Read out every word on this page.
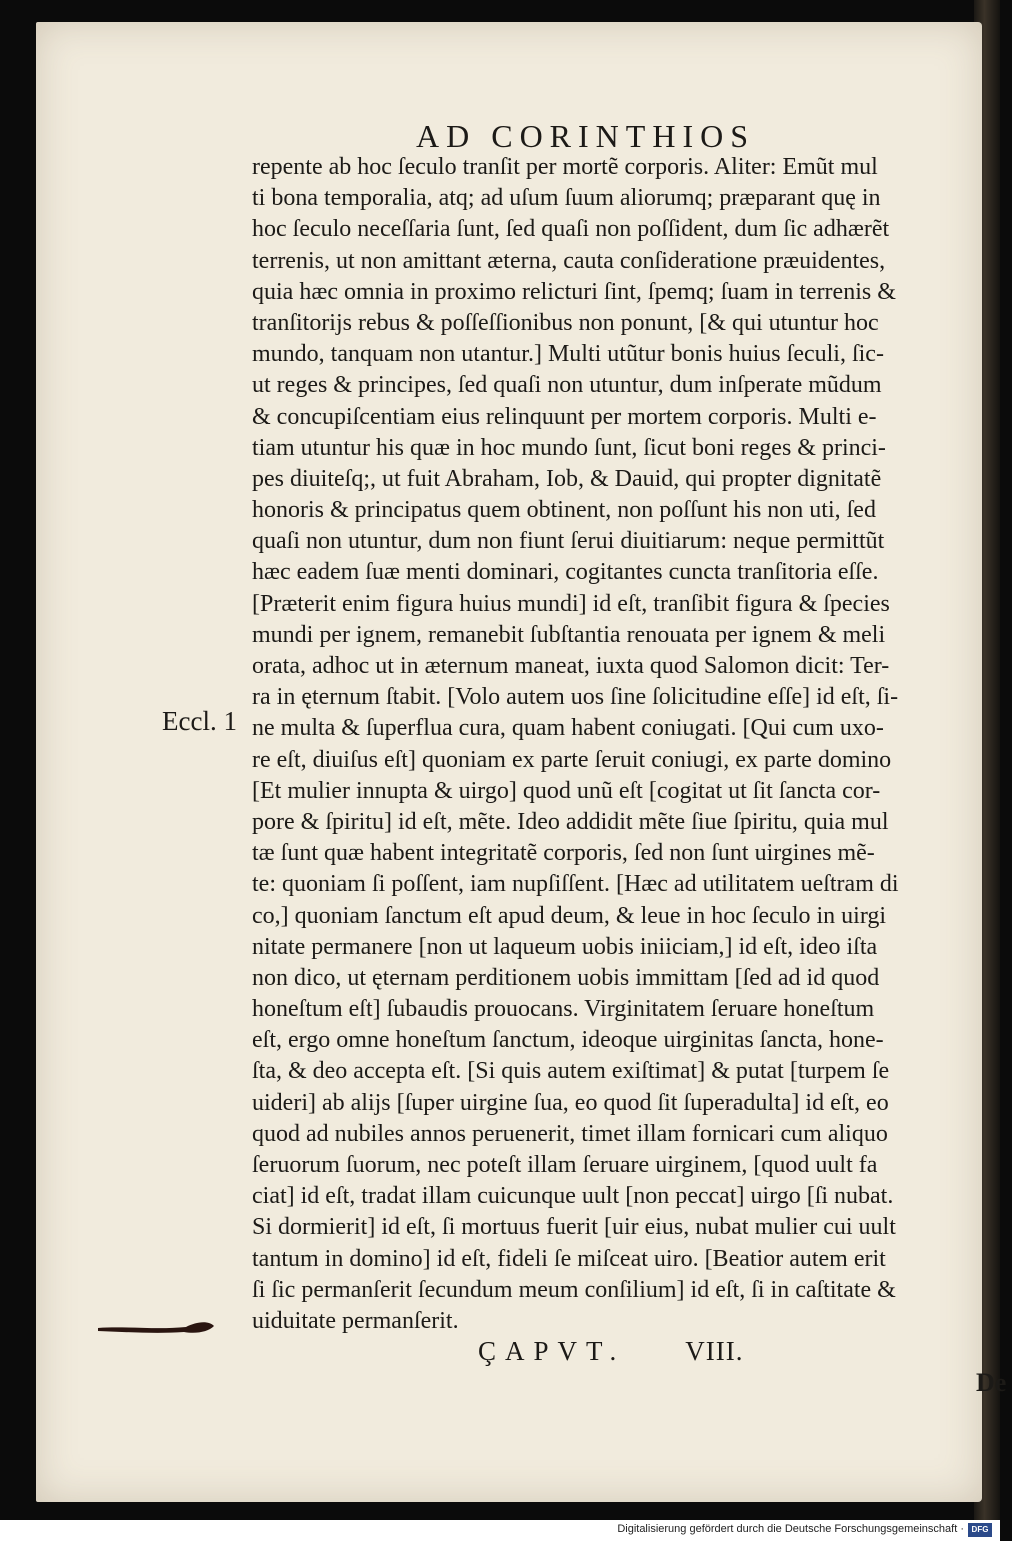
AD CORINTHIOS
Eccl. 1
repente ab hoc ſeculo tranſit per mortẽ corporis. Aliter: Emũt mul
ti bona temporalia, atq; ad uſum ſuum aliorumq; præparant quę in
hoc ſeculo neceſſaria ſunt, ſed quaſi non poſſident, dum ſic adhærẽt
terrenis, ut non amittant æterna, cauta conſideratione præuidentes,
quia hæc omnia in proximo relicturi ſint, ſpemq; ſuam in terrenis &
tranſitorijs rebus & poſſeſſionibus non ponunt, [& qui utuntur hoc
mundo, tanquam non utantur.] Multi utũtur bonis huius ſeculi, ſic-
ut reges & principes, ſed quaſi non utuntur, dum inſperate mũdum
& concupiſcentiam eius relinquunt per mortem corporis. Multi e-
tiam utuntur his quæ in hoc mundo ſunt, ſicut boni reges & princi-
pes diuiteſq;, ut fuit Abraham, Iob, & Dauid, qui propter dignitatẽ
honoris & principatus quem obtinent, non poſſunt his non uti, ſed
quaſi non utuntur, dum non fiunt ſerui diuitiarum: neque permittũt
hæc eadem ſuæ menti dominari, cogitantes cuncta tranſitoria eſſe.
[Præterit enim figura huius mundi] id eſt, tranſibit figura & ſpecies
mundi per ignem, remanebit ſubſtantia renouata per ignem & meli
orata, adhoc ut in æternum maneat, iuxta quod Salomon dicit: Ter-
ra in ęternum ſtabit. [Volo autem uos ſine ſolicitudine eſſe] id eſt, ſi-
ne multa & ſuperflua cura, quam habent coniugati. [Qui cum uxo-
re eſt, diuiſus eſt] quoniam ex parte ſeruit coniugi, ex parte domino
[Et mulier innupta & uirgo] quod unũ eſt [cogitat ut ſit ſancta cor-
pore & ſpiritu] id eſt, mẽte. Ideo addidit mẽte ſiue ſpiritu, quia mul
tæ ſunt quæ habent integritatẽ corporis, ſed non ſunt uirgines mẽ-
te: quoniam ſi poſſent, iam nupſiſſent. [Hæc ad utilitatem ueſtram di
co,] quoniam ſanctum eſt apud deum, & leue in hoc ſeculo in uirgi
nitate permanere [non ut laqueum uobis iniiciam,] id eſt, ideo iſta
non dico, ut ęternam perditionem uobis immittam [ſed ad id quod
honeſtum eſt] ſubaudis prouocans. Virginitatem ſeruare honeſtum
eſt, ergo omne honeſtum ſanctum, ideoque uirginitas ſancta, hone-
ſta, & deo accepta eſt. [Si quis autem exiſtimat] & putat [turpem ſe
uideri] ab alijs [ſuper uirgine ſua, eo quod ſit ſuperadulta] id eſt, eo
quod ad nubiles annos peruenerit, timet illam fornicari cum aliquo
ſeruorum ſuorum, nec poteſt illam ſeruare uirginem, [quod uult fa
ciat] id eſt, tradat illam cuicunque uult [non peccat] uirgo [ſi nubat.
Si dormierit] id eſt, ſi mortuus fuerit [uir eius, nubat mulier cui uult
tantum in domino] id eſt, fideli ſe miſceat uiro. [Beatior autem erit
ſi ſic permanſerit ſecundum meum conſilium] id eſt, ſi in caſtitate &
uiduitate permanſerit.
ÇAPVT. VIII.
De
Digitalisierung gefördert durch die Deutsche Forschungsgemeinschaft · DFG
